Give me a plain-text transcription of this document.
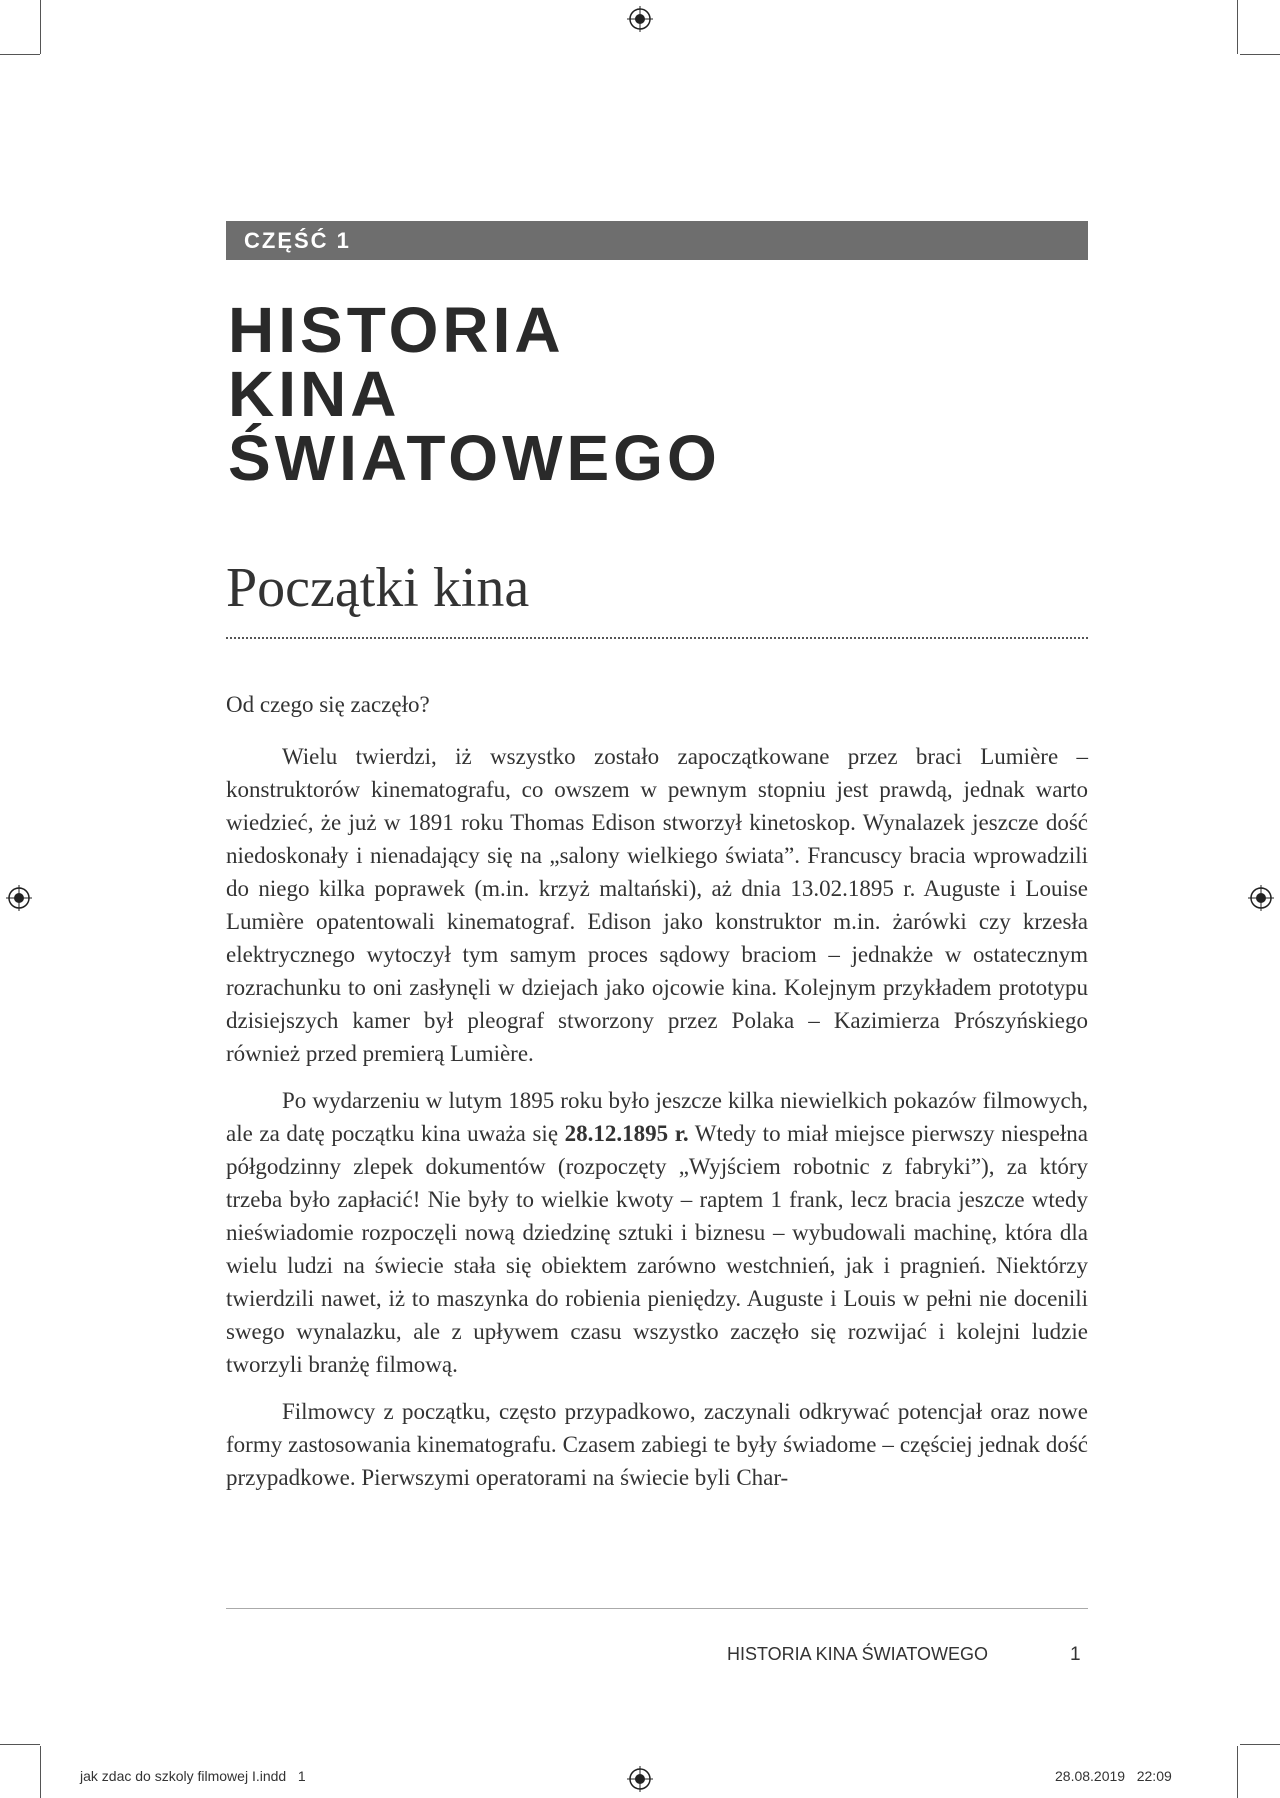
CZĘŚĆ 1
HISTORIA
KINA
ŚWIATOWEGO
Początki kina
Od czego się zaczęło?

Wielu twierdzi, iż wszystko zostało zapoczątkowane przez braci Lumière – konstruktorów kinematografu, co owszem w pewnym stopniu jest prawdą, jednak warto wiedzieć, że już w 1891 roku Thomas Edison stworzył kinetoskop. Wynalazek jeszcze dość niedoskonały i nienadający się na „salony wielkiego świata”. Francuscy bracia wprowadzili do niego kilka poprawek (m.in. krzyż maltański), aż dnia 13.02.1895 r. Auguste i Louise Lumière opatentowali kinematograf. Edison jako konstruktor m.in. żarówki czy krzesła elektrycznego wytoczył tym samym proces sądowy braciom – jednakże w ostatecznym rozrachunku to oni zasłynęli w dziejach jako ojcowie kina. Kolejnym przykładem prototypu dzisiejszych kamer był pleograf stworzony przez Polaka – Kazimierza Prószyńskiego również przed premierą Lumière.

Po wydarzeniu w lutym 1895 roku było jeszcze kilka niewielkich pokazów filmowych, ale za datę początku kina uważa się 28.12.1895 r. Wtedy to miał miejsce pierwszy niespełna półgodzinny zlepek dokumentów (rozpoczęty „Wyjściem robotnic z fabryki”), za który trzeba było zapłacić! Nie były to wielkie kwoty – raptem 1 frank, lecz bracia jeszcze wtedy nieświadomie rozpoczęli nową dziedzinę sztuki i biznesu – wybudowali machinę, która dla wielu ludzi na świecie stała się obiektem zarówno westchnień, jak i pragnień. Niektórzy twierdzili nawet, iż to maszynka do robienia pieniędzy. Auguste i Louis w pełni nie docenili swego wynalazku, ale z upływem czasu wszystko zaczęło się rozwijać i kolejni ludzie tworzyli branżę filmową.

Filmowcy z początku, często przypadkowo, zaczynali odkrywać potencjał oraz nowe formy zastosowania kinematografu. Czasem zabiegi te były świadome – częściej jednak dość przypadkowe. Pierwszymi operatorami na świecie byli Char-

HISTORIA KINA ŚWIATOWEGO	1
jak zdac do szkoly filmowej I.indd   1	28.08.2019   22:09
